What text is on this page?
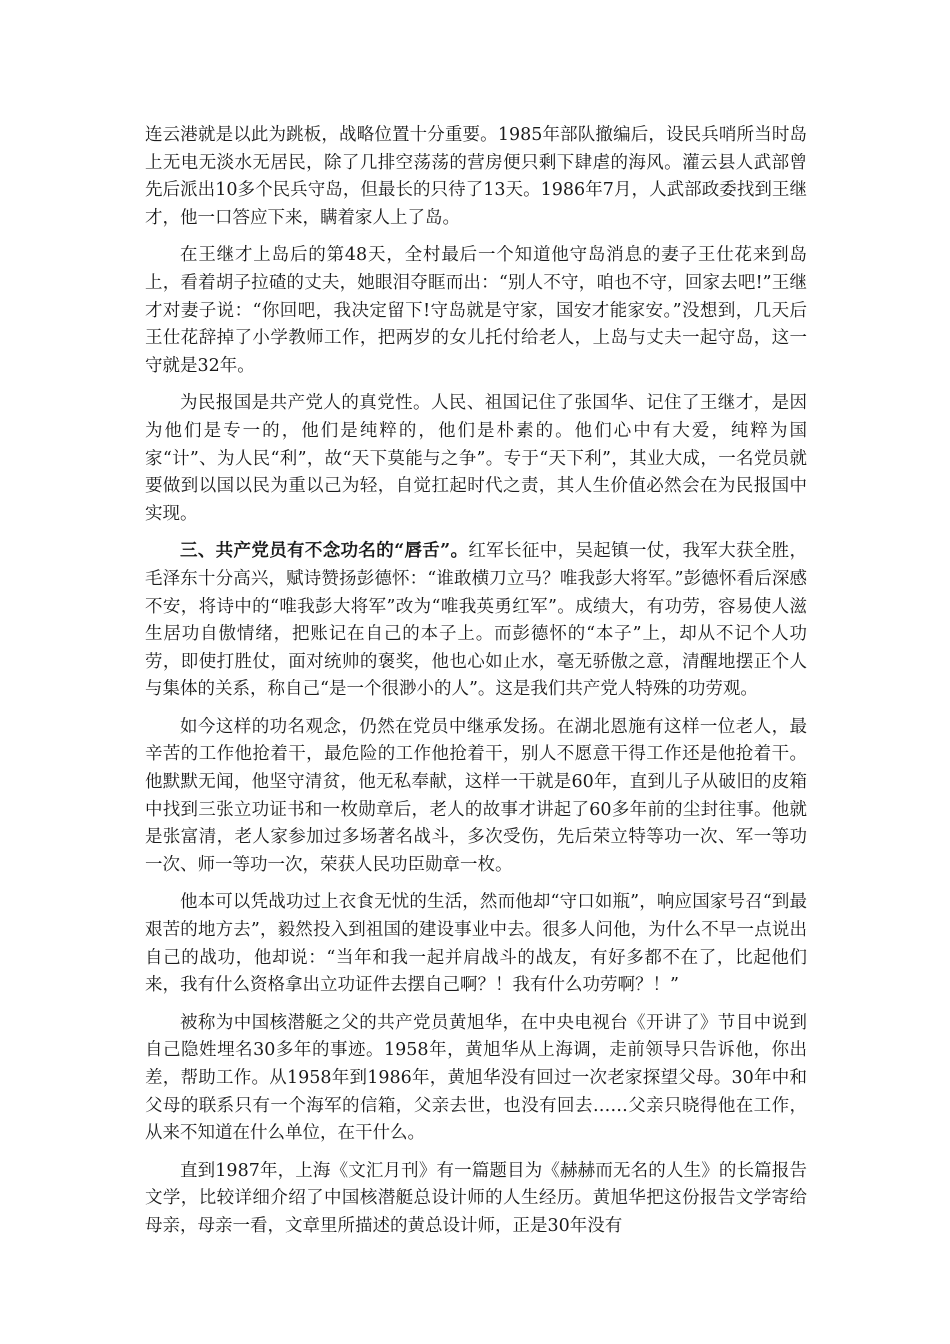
连云港就是以此为跳板，战略位置十分重要。1985年部队撤编后，设民兵哨所当时岛上无电无淡水无居民，除了几排空荡荡的营房便只剩下肆虐的海风。灌云县人武部曾先后派出10多个民兵守岛，但最长的只待了13天。1986年7月，人武部政委找到王继才，他一口答应下来，瞒着家人上了岛。

在王继才上岛后的第48天，全村最后一个知道他守岛消息的妻子王仕花来到岛上，看着胡子拉碴的丈夫，她眼泪夺眶而出：“别人不守，咱也不守，回家去吧!”王继才对妻子说：“你回吧，我决定留下!守岛就是守家，国安才能家安。”没想到，几天后王仕花辞掉了小学教师工作，把两岁的女儿托付给老人，上岛与丈夫一起守岛，这一守就是32年。

为民报国是共产党人的真党性。人民、祖国记住了张国华、记住了王继才，是因为他们是专一的，他们是纯粹的，他们是朴素的。他们心中有大爱，纯粹为国家“计”、为人民“利”，故“天下莫能与之争”。专于“天下利”，其业大成，一名党员就要做到以国以民为重以己为轻，自觉扛起时代之责，其人生价值必然会在为民报国中实现。

三、共产党员有不念功名的“唇舌”。红军长征中，吴起镇一仗，我军大获全胜，毛泽东十分高兴，赋诗赞扬彭德怀：“谁敢横刀立马？唯我彭大将军。”彭德怀看后深感不安，将诗中的“唯我彭大将军”改为“唯我英勇红军”。成绩大，有功劳，容易使人滋生居功自傲情绪，把账记在自己的本子上。而彭德怀的“本子”上，却从不记个人功劳，即使打胜仗，面对统帅的褒奖，他也心如止水，毫无骄傲之意，清醒地摆正个人与集体的关系，称自己“是一个很渺小的人”。这是我们共产党人特殊的功劳观。

如今这样的功名观念，仍然在党员中继承发扬。在湖北恩施有这样一位老人，最辛苦的工作他抢着干，最危险的工作他抢着干，别人不愿意干得工作还是他抢着干。他默默无闻，他坚守清贫，他无私奉献，这样一干就是60年，直到儿子从破旧的皮箱中找到三张立功证书和一枚勋章后，老人的故事才讲起了60多年前的尘封往事。他就是张富清，老人家参加过多场著名战斗，多次受伤，先后荣立特等功一次、军一等功一次、师一等功一次，荣获人民功臣勋章一枚。

他本可以凭战功过上衣食无忧的生活，然而他却“守口如瓶”，响应国家号召“到最艰苦的地方去”，毅然投入到祖国的建设事业中去。很多人问他，为什么不早一点说出自己的战功，他却说：“当年和我一起并肩战斗的战友，有好多都不在了，比起他们来，我有什么资格拿出立功证件去摆自己啊？！我有什么功劳啊？！”

被称为中国核潜艇之父的共产党员黄旭华，在中央电视台《开讲了》节目中说到自己隐姓埋名30多年的事迹。1958年，黄旭华从上海调，走前领导只告诉他，你出差，帮助工作。从1958年到1986年，黄旭华没有回过一次老家探望父母。30年中和父母的联系只有一个海军的信箱，父亲去世，也没有回去……父亲只晓得他在工作，从来不知道在什么单位，在干什么。

直到1987年，上海《文汇月刊》有一篇题目为《赫赫而无名的人生》的长篇报告文学，比较详细介绍了中国核潜艇总设计师的人生经历。黄旭华把这份报告文学寄给母亲，母亲一看，文章里所描述的黄总设计师，正是30年没有
